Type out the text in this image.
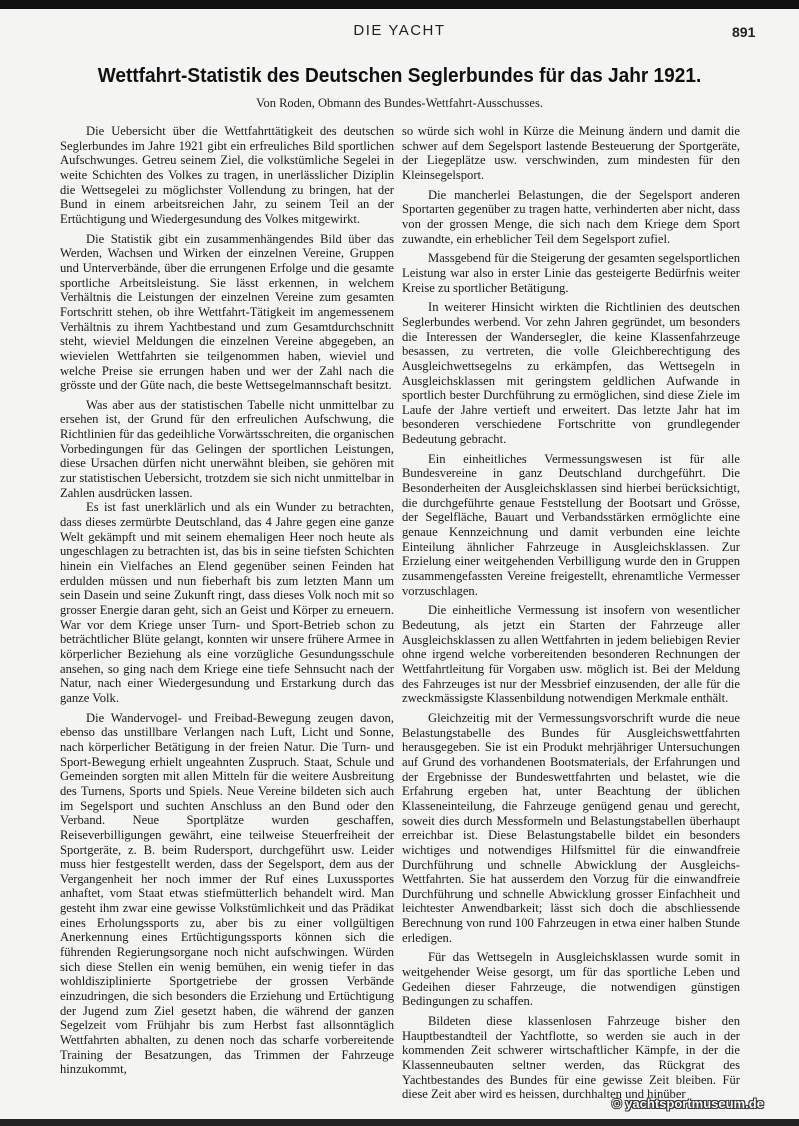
DIE YACHT	891
Wettfahrt-Statistik des Deutschen Seglerbundes für das Jahr 1921.
Von Roden, Obmann des Bundes-Wettfahrt-Ausschusses.

Die Uebersicht über die Wettfahrttätigkeit des deutschen Seglerbundes im Jahre 1921 gibt ein erfreuliches Bild sportlichen Aufschwunges. Getreu seinem Ziel, die volkstümliche Segelei in weite Schichten des Volkes zu tragen, in unerlässlicher Diziplin die Wettsegelei zu möglichster Vollendung zu bringen, hat der Bund in einem arbeitsreichen Jahr, zu seinem Teil an der Ertüchtigung und Wiedergesundung des Volkes mitgewirkt.

Die Statistik gibt ein zusammenhängendes Bild über das Werden, Wachsen und Wirken der einzelnen Vereine, Gruppen und Unterverbände, über die errungenen Erfolge und die gesamte sportliche Arbeitsleistung. Sie lässt erkennen, in welchem Verhältnis die Leistungen der einzelnen Vereine zum gesamten Fortschritt stehen, ob ihre Wettfahrt-Tätigkeit im angemessenem Verhältnis zu ihrem Yachtbestand und zum Gesamtdurchschnitt steht, wieviel Meldungen die einzelnen Vereine abgegeben, an wievielen Wettfahrten sie teilgenommen haben, wieviel und welche Preise sie errungen haben und wer der Zahl nach die grösste und der Güte nach, die beste Wettsegelmannschaft besitzt.

Was aber aus der statistischen Tabelle nicht unmittelbar zu ersehen ist, der Grund für den erfreulichen Aufschwung, die Richtlinien für das gedeihliche Vorwärtsschreiten, die organischen Vorbedingungen für das Gelingen der sportlichen Leistungen, diese Ursachen dürfen nicht unerwähnt bleiben, sie gehören mit zur statistischen Uebersicht, trotzdem sie sich nicht unmittelbar in Zahlen ausdrücken lassen.

Es ist fast unerklärlich und als ein Wunder zu betrachten, dass dieses zermürbte Deutschland, das 4 Jahre gegen eine ganze Welt gekämpft und mit seinem ehemaligen Heer noch heute als ungeschlagen zu betrachten ist, das bis in seine tiefsten Schichten hinein ein Vielfaches an Elend gegenüber seinen Feinden hat erdulden müssen und nun fieberhaft bis zum letzten Mann um sein Dasein und seine Zukunft ringt, dass dieses Volk noch mit so grosser Energie daran geht, sich an Geist und Körper zu erneuern. War vor dem Kriege unser Turn- und Sport-Betrieb schon zu beträchtlicher Blüte gelangt, konnten wir unsere frühere Armee in körperlicher Beziehung als eine vorzügliche Gesundungsschule ansehen, so ging nach dem Kriege eine tiefe Sehnsucht nach der Natur, nach einer Wiedergesundung und Erstarkung durch das ganze Volk.

Die Wandervogel- und Freibad-Bewegung zeugen davon, ebenso das unstillbare Verlangen nach Luft, Licht und Sonne, nach körperlicher Betätigung in der freien Natur. Die Turn- und Sport-Bewegung erhielt ungeahnten Zuspruch. Staat, Schule und Gemeinden sorgten mit allen Mitteln für die weitere Ausbreitung des Turnens, Sports und Spiels. Neue Vereine bildeten sich auch im Segelsport und suchten Anschluss an den Bund oder den Verband. Neue Sportplätze wurden geschaffen, Reiseverbilligungen gewährt, eine teilweise Steuerfreiheit der Sportgeräte, z. B. beim Rudersport, durchgeführt usw. Leider muss hier festgestellt werden, dass der Segelsport, dem aus der Vergangenheit her noch immer der Ruf eines Luxussportes anhaftet, vom Staat etwas stiefmütterlich behandelt wird. Man gesteht ihm zwar eine gewisse Volkstümlichkeit und das Prädikat eines Erholungssports zu, aber bis zu einer vollgültigen Anerkennung eines Ertüchtigungssports können sich die führenden Regierungsorgane noch nicht aufschwingen. Würden sich diese Stellen ein wenig bemühen, ein wenig tiefer in das wohldisziplinierte Sportgetriebe der grossen Verbände einzudringen, die sich besonders die Erziehung und Ertüchtigung der Jugend zum Ziel gesetzt haben, die während der ganzen Segelzeit vom Frühjahr bis zum Herbst fast allsonntäglich Wettfahrten abhalten, zu denen noch das scharfe vorbereitende Training der Besatzungen, das Trimmen der Fahrzeuge hinzukommt,

so würde sich wohl in Kürze die Meinung ändern und damit die schwer auf dem Segelsport lastende Besteuerung der Sportgeräte, der Liegeplätze usw. verschwinden, zum mindesten für den Kleinsegelsport.

Die mancherlei Belastungen, die der Segelsport anderen Sportarten gegenüber zu tragen hatte, verhinderten aber nicht, dass von der grossen Menge, die sich nach dem Kriege dem Sport zuwandte, ein erheblicher Teil dem Segelsport zufiel.

Massgebend für die Steigerung der gesamten segelsportlichen Leistung war also in erster Linie das gesteigerte Bedürfnis weiter Kreise zu sportlicher Betätigung.

In weiterer Hinsicht wirkten die Richtlinien des deutschen Seglerbundes werbend. Vor zehn Jahren gegründet, um besonders die Interessen der Wandersegler, die keine Klassenfahrzeuge besassen, zu vertreten, die volle Gleichberechtigung des Ausgleichwettsegelns zu erkämpfen, das Wettsegeln in Ausgleichsklassen mit geringstem geldlichen Aufwande in sportlich bester Durchführung zu ermöglichen, sind diese Ziele im Laufe der Jahre vertieft und erweitert. Das letzte Jahr hat im besonderen verschiedene Fortschritte von grundlegender Bedeutung gebracht.

Ein einheitliches Vermessungswesen ist für alle Bundesvereine in ganz Deutschland durchgeführt. Die Besonderheiten der Ausgleichsklassen sind hierbei berücksichtigt, die durchgeführte genaue Feststellung der Bootsart und Grösse, der Segelfläche, Bauart und Verbandsstärken ermöglichte eine genaue Kennzeichnung und damit verbunden eine leichte Einteilung ähnlicher Fahrzeuge in Ausgleichsklassen. Zur Erzielung einer weitgehenden Verbilligung wurde den in Gruppen zusammengefassten Vereine freigestellt, ehrenamtliche Vermesser vorzuschlagen.

Die einheitliche Vermessung ist insofern von wesentlicher Bedeutung, als jetzt ein Starten der Fahrzeuge aller Ausgleichsklassen zu allen Wettfahrten in jedem beliebigen Revier ohne irgend welche vorbereitenden besonderen Rechnungen der Wettfahrtleitung für Vorgaben usw. möglich ist. Bei der Meldung des Fahrzeuges ist nur der Messbrief einzusenden, der alle für die zweckmässigste Klassenbildung notwendigen Merkmale enthält.

Gleichzeitig mit der Vermessungsvorschrift wurde die neue Belastungstabelle des Bundes für Ausgleichswettfahrten herausgegeben. Sie ist ein Produkt mehrjähriger Untersuchungen auf Grund des vorhandenen Bootsmaterials, der Erfahrungen und der Ergebnisse der Bundeswettfahrten und belastet, wie die Erfahrung ergeben hat, unter Beachtung der üblichen Klasseneinteilung, die Fahrzeuge genügend genau und gerecht, soweit dies durch Messformeln und Belastungstabellen überhaupt erreichbar ist. Diese Belastungstabelle bildet ein besonders wichtiges und notwendiges Hilfsmittel für die einwandfreie Durchführung und schnelle Abwicklung der Ausgleichs-Wettfahrten. Sie hat ausserdem den Vorzug für die einwandfreie Durchführung und schnelle Abwicklung grosser Einfachheit und leichtester Anwendbarkeit; lässt sich doch die abschliessende Berechnung von rund 100 Fahrzeugen in etwa einer halben Stunde erledigen.

Für das Wettsegeln in Ausgleichsklassen wurde somit in weitgehender Weise gesorgt, um für das sportliche Leben und Gedeihen dieser Fahrzeuge, die notwendigen günstigen Bedingungen zu schaffen.

Bildeten diese klassenlosen Fahrzeuge bisher den Hauptbestandteil der Yachtflotte, so werden sie auch in der kommenden Zeit schwerer wirtschaftlicher Kämpfe, in der die Klassenneubauten seltner werden, das Rückgrat des Yachtbestandes des Bundes für eine gewisse Zeit bleiben. Für diese Zeit aber wird es heissen, durchhalten und hinüber

© yachtsportmuseum.de
